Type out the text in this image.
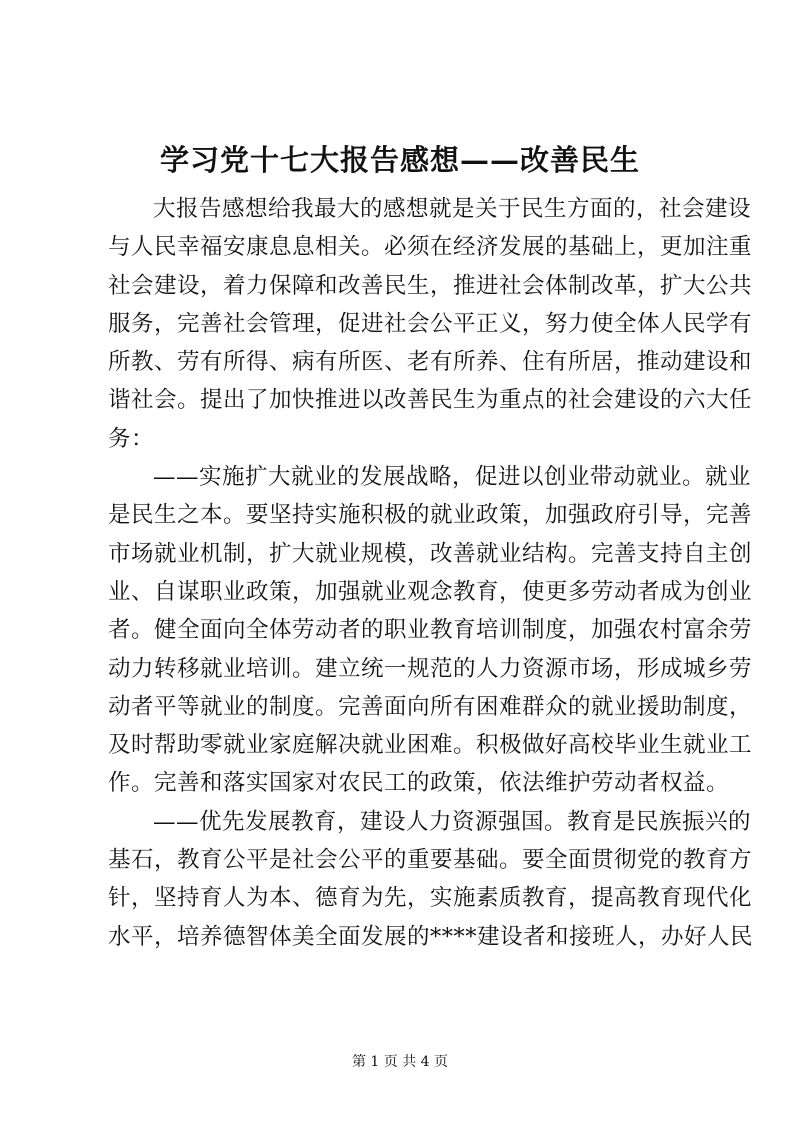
学习党十七大报告感想——改善民生
大报告感想给我最大的感想就是关于民生方面的，社会建设
与人民幸福安康息息相关。必须在经济发展的基础上，更加注重
社会建设，着力保障和改善民生，推进社会体制改革，扩大公共
服务，完善社会管理，促进社会公平正义，努力使全体人民学有
所教、劳有所得、病有所医、老有所养、住有所居，推动建设和
谐社会。提出了加快推进以改善民生为重点的社会建设的六大任
务：
——实施扩大就业的发展战略，促进以创业带动就业。就业
是民生之本。要坚持实施积极的就业政策，加强政府引导，完善
市场就业机制，扩大就业规模，改善就业结构。完善支持自主创
业、自谋职业政策，加强就业观念教育，使更多劳动者成为创业
者。健全面向全体劳动者的职业教育培训制度，加强农村富余劳
动力转移就业培训。建立统一规范的人力资源市场，形成城乡劳
动者平等就业的制度。完善面向所有困难群众的就业援助制度，
及时帮助零就业家庭解决就业困难。积极做好高校毕业生就业工
作。完善和落实国家对农民工的政策，依法维护劳动者权益。
——优先发展教育，建设人力资源强国。教育是民族振兴的
基石，教育公平是社会公平的重要基础。要全面贯彻党的教育方
针，坚持育人为本、德育为先，实施素质教育，提高教育现代化
水平，培养德智体美全面发展的****建设者和接班人，办好人民
第 1 页 共 4 页
